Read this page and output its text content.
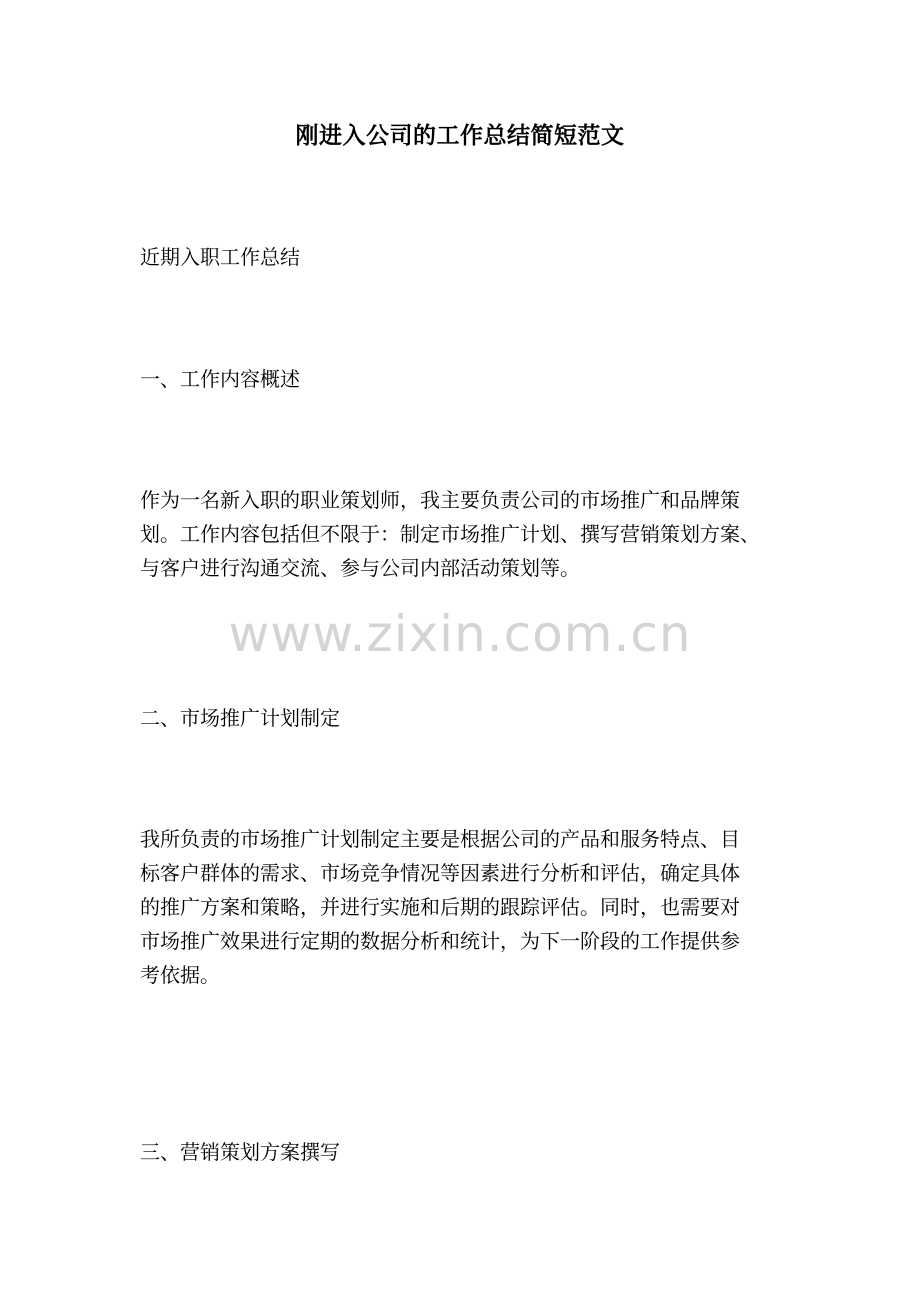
刚进入公司的工作总结简短范文
近期入职工作总结
一、工作内容概述
作为一名新入职的职业策划师，我主要负责公司的市场推广和品牌策
划。工作内容包括但不限于：制定市场推广计划、撰写营销策划方案、
与客户进行沟通交流、参与公司内部活动策划等。
www.zixin.com.cn
二、市场推广计划制定
我所负责的市场推广计划制定主要是根据公司的产品和服务特点、目
标客户群体的需求、市场竞争情况等因素进行分析和评估，确定具体
的推广方案和策略，并进行实施和后期的跟踪评估。同时，也需要对
市场推广效果进行定期的数据分析和统计，为下一阶段的工作提供参
考依据。
三、营销策划方案撰写
